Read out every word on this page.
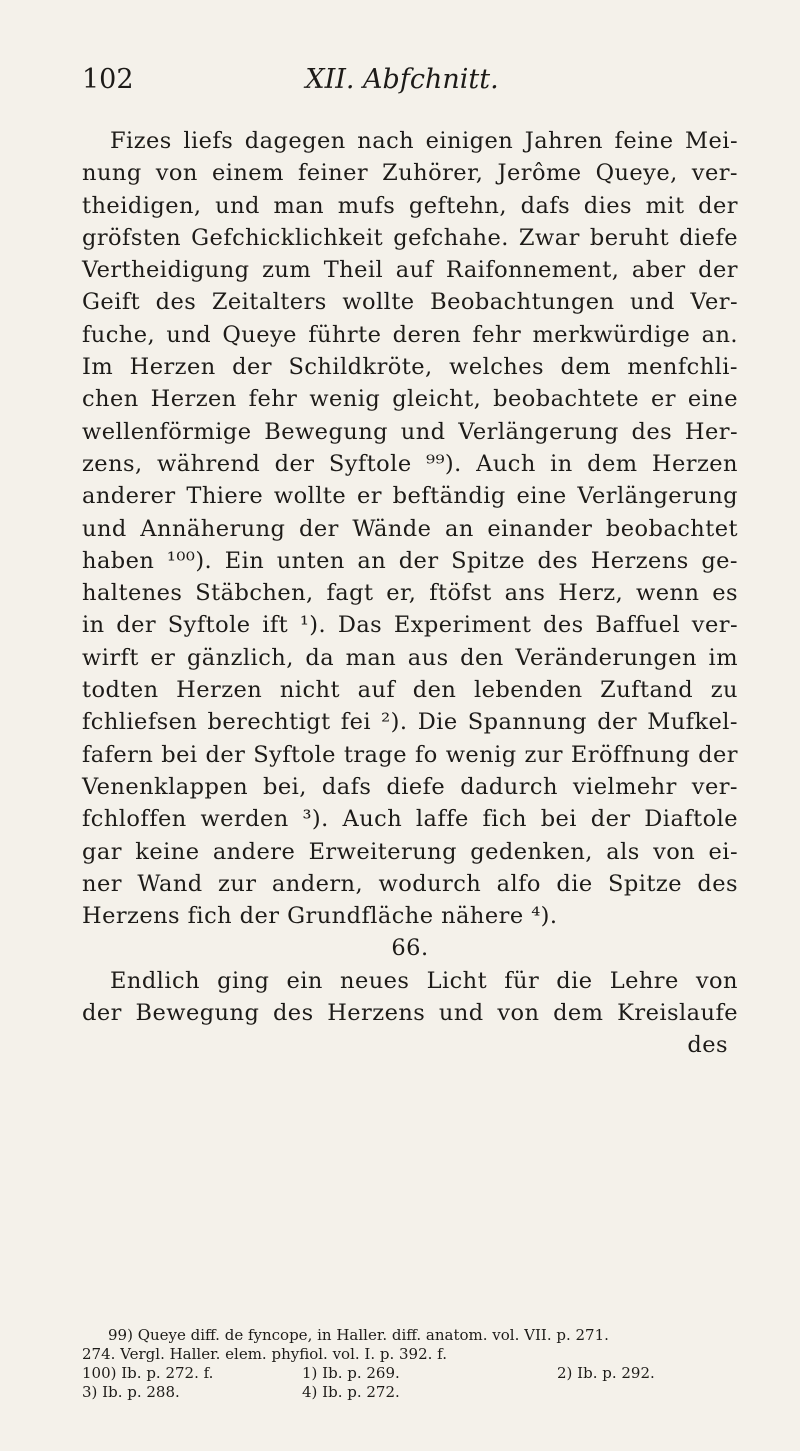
102	XII. Abfchnitt.
Fizes liefs dagegen nach einigen Jahren feine Mei-
nung von einem feiner Zuhörer, Jerôme Queye, ver-
theidigen, und man mufs geftehn, dafs dies mit der
gröfsten Gefchicklichkeit gefchahe. Zwar beruht diefe
Vertheidigung zum Theil auf Raifonnement, aber der
Geift des Zeitalters wollte Beobachtungen und Ver-
fuche, und Queye führte deren fehr merkwürdige an.
Im Herzen der Schildkröte, welches dem menfchli-
chen Herzen fehr wenig gleicht, beobachtete er eine
wellenförmige Bewegung und Verlängerung des Her-
zens, während der Syftole ⁹⁹). Auch in dem Herzen
anderer Thiere wollte er beftändig eine Verlängerung
und Annäherung der Wände an einander beobachtet
haben ¹⁰⁰). Ein unten an der Spitze des Herzens ge-
haltenes Stäbchen, fagt er, ftöfst ans Herz, wenn es
in der Syftole ift ¹). Das Experiment des Baffuel ver-
wirft er gänzlich, da man aus den Veränderungen im
todten Herzen nicht auf den lebenden Zuftand zu
fchliefsen berechtigt fei ²). Die Spannung der Mufkel-
fafern bei der Syftole trage fo wenig zur Eröffnung der
Venenklappen bei, dafs diefe dadurch vielmehr ver-
fchloffen werden ³). Auch laffe fich bei der Diaftole
gar keine andere Erweiterung gedenken, als von ei-
ner Wand zur andern, wodurch alfo die Spitze des
Herzens fich der Grundfläche nähere ⁴).
66.
Endlich ging ein neues Licht für die Lehre von
der Bewegung des Herzens und von dem Kreislaufe
des
99) Queye diff. de fyncope, in Haller. diff. anatom. vol. VII. p. 271.
274. Vergl. Haller. elem. phyfiol. vol. I. p. 392. f.
100) Ib. p. 272. f.	1) Ib. p. 269.	2) Ib. p. 292.
3) Ib. p. 288.	4) Ib. p. 272.
